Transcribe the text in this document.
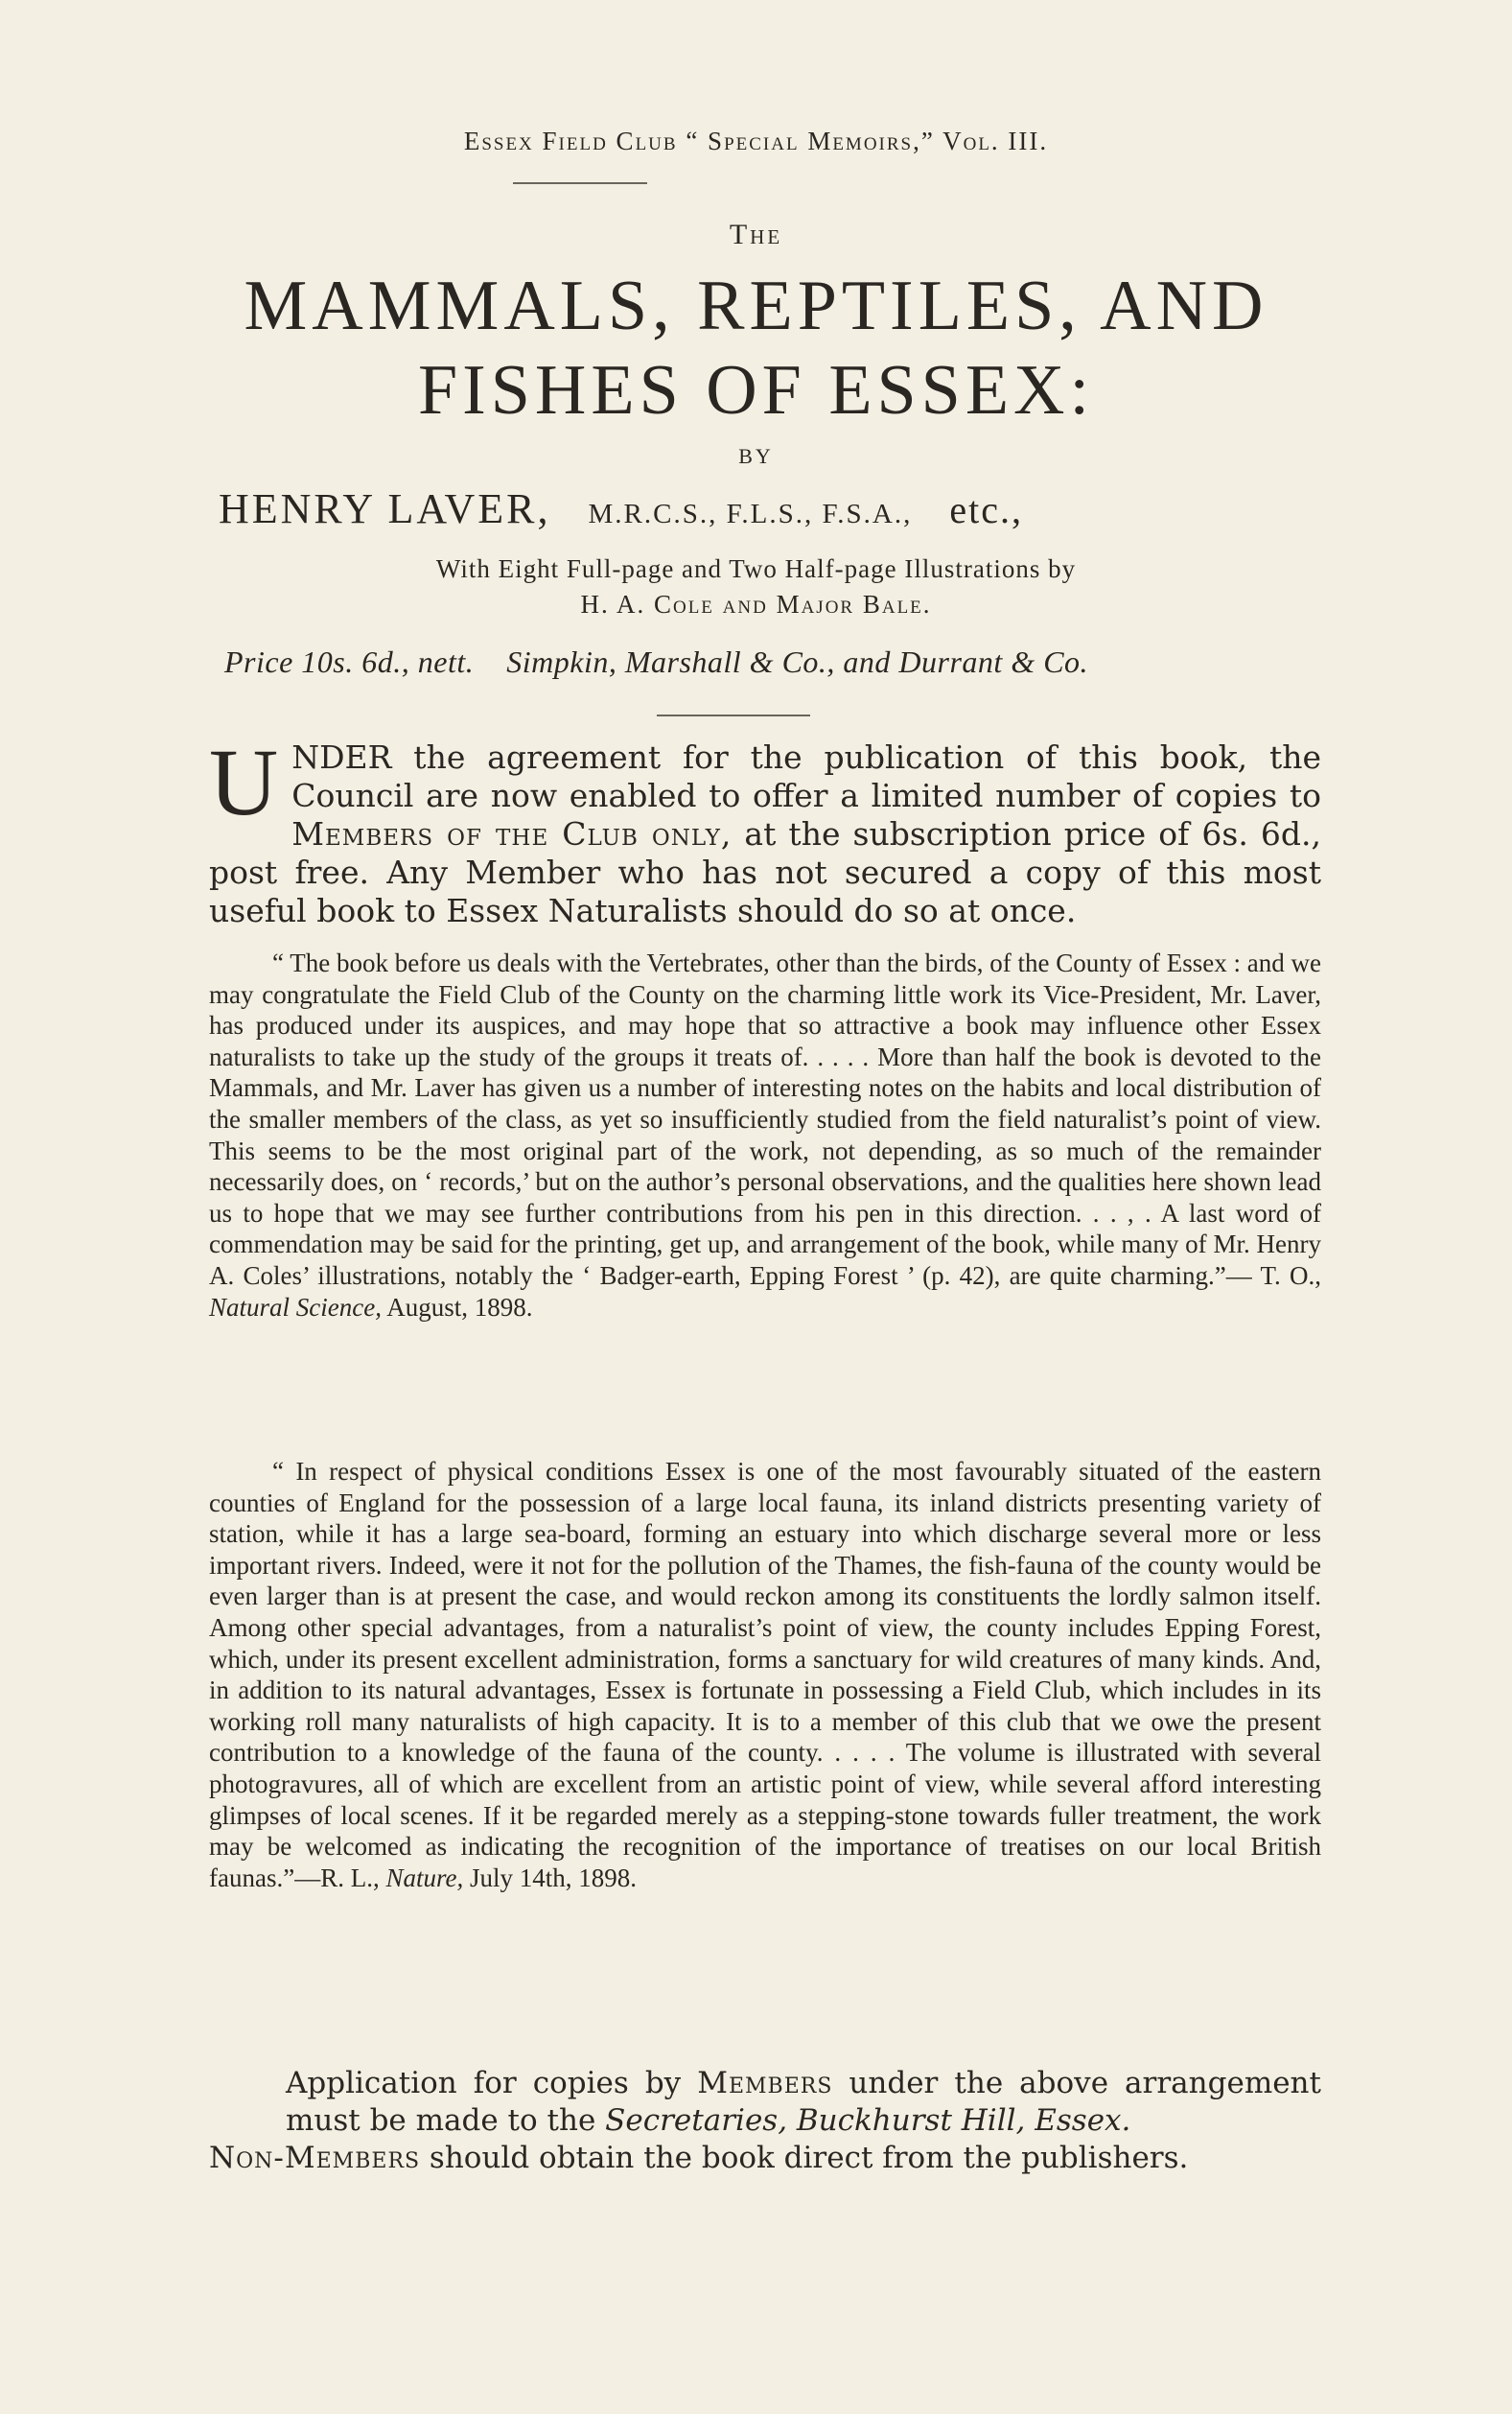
Essex Field Club “ Special Memoirs,” Vol. III.
The
MAMMALS, REPTILES, AND
FISHES OF ESSEX:
BY
HENRY LAVER, M.R.C.S., F.L.S., F.S.A., etc.,
With Eight Full-page and Two Half-page Illustrations by
H. A. Cole and Major Bale.
Price 10s. 6d., nett. Simpkin, Marshall & Co., and Durrant & Co.
UNDER the agreement for the publication of this book, the Council are now enabled to offer a limited number of copies to Members of the Club only, at the subscription price of 6s. 6d., post free. Any Member who has not secured a copy of this most useful book to Essex Naturalists should do so at once.
“ The book before us deals with the Vertebrates, other than the birds, of the County of Essex : and we may congratulate the Field Club of the County on the charming little work its Vice-President, Mr. Laver, has produced under its auspices, and may hope that so attractive a book may influence other Essex naturalists to take up the study of the groups it treats of. . . . . More than half the book is devoted to the Mammals, and Mr. Laver has given us a number of interesting notes on the habits and local distribution of the smaller members of the class, as yet so insufficiently studied from the field naturalist’s point of view. This seems to be the most original part of the work, not depending, as so much of the remainder necessarily does, on ‘ records,’ but on the author’s personal observations, and the qualities here shown lead us to hope that we may see further contributions from his pen in this direction. . . , . A last word of commendation may be said for the printing, get up, and arrangement of the book, while many of Mr. Henry A. Coles’ illustrations, notably the ‘ Badger-earth, Epping Forest ’ (p. 42), are quite charming.”— T. O., Natural Science, August, 1898.
“ In respect of physical conditions Essex is one of the most favourably situated of the eastern counties of England for the possession of a large local fauna, its inland districts presenting variety of station, while it has a large sea-board, forming an estuary into which discharge several more or less important rivers. Indeed, were it not for the pollution of the Thames, the fish-fauna of the county would be even larger than is at present the case, and would reckon among its constituents the lordly salmon itself. Among other special advantages, from a naturalist’s point of view, the county includes Epping Forest, which, under its present excellent administration, forms a sanctuary for wild creatures of many kinds. And, in addition to its natural advantages, Essex is fortunate in possessing a Field Club, which includes in its working roll many naturalists of high capacity. It is to a member of this club that we owe the present contribution to a knowledge of the fauna of the county. . . . . The volume is illustrated with several photogravures, all of which are excellent from an artistic point of view, while several afford interesting glimpses of local scenes. If it be regarded merely as a stepping-stone towards fuller treatment, the work may be welcomed as indicating the recognition of the importance of treatises on our local British faunas.”—R. L., Nature, July 14th, 1898.
Application for copies by Members under the above arrangement must be made to the Secretaries, Buckhurst Hill, Essex.
Non-Members should obtain the book direct from the publishers.
